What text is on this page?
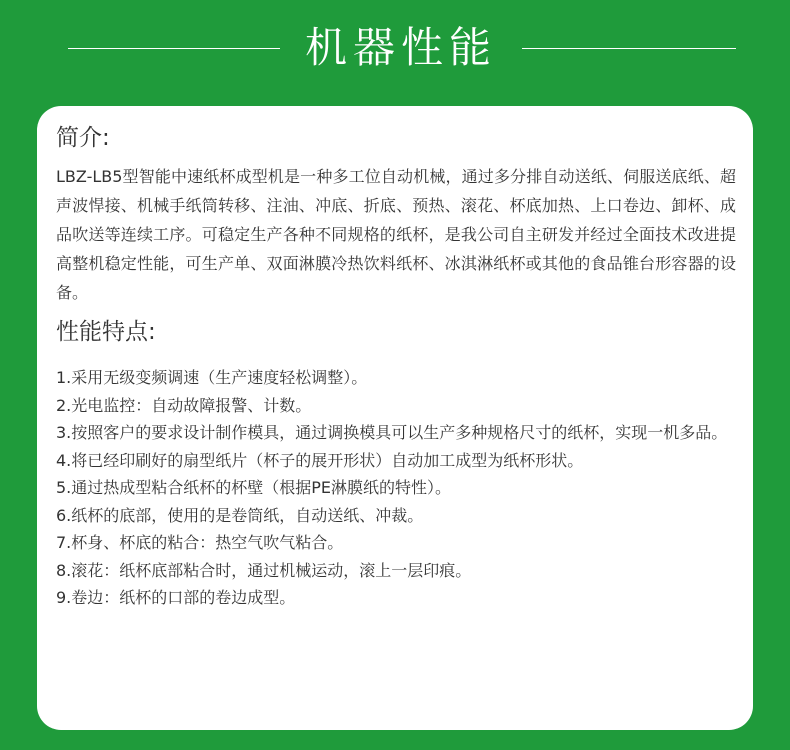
机器性能
简介:

LBZ-LB5型智能中速纸杯成型机是一种多工位自动机械，通过多分排自动送纸、伺服送底纸、超声波悍接、机械手纸筒转移、注油、冲底、折底、预热、滚花、杯底加热、上口卷边、卸杯、成品吹送等连续工序。可稳定生产各种不同规格的纸杯，是我公司自主研发并经过全面技术改进提高整机稳定性能，可生产单、双面淋膜冷热饮料纸杯、冰淇淋纸杯或其他的食品锥台形容器的设备。

性能特点:
1.采用无级变频调速（生产速度轻松调整）。
2.光电监控：自动故障报警、计数。
3.按照客户的要求设计制作模具，通过调换模具可以生产多种规格尺寸的纸杯，实现一机多品。
4.将已经印刷好的扇型纸片（杯子的展开形状）自动加工成型为纸杯形状。
5.通过热成型粘合纸杯的杯壁（根据PE淋膜纸的特性）。
6.纸杯的底部，使用的是卷筒纸，自动送纸、冲裁。
7.杯身、杯底的粘合：热空气吹气粘合。
8.滚花：纸杯底部粘合时，通过机械运动，滚上一层印痕。
9.卷边：纸杯的口部的卷边成型。
